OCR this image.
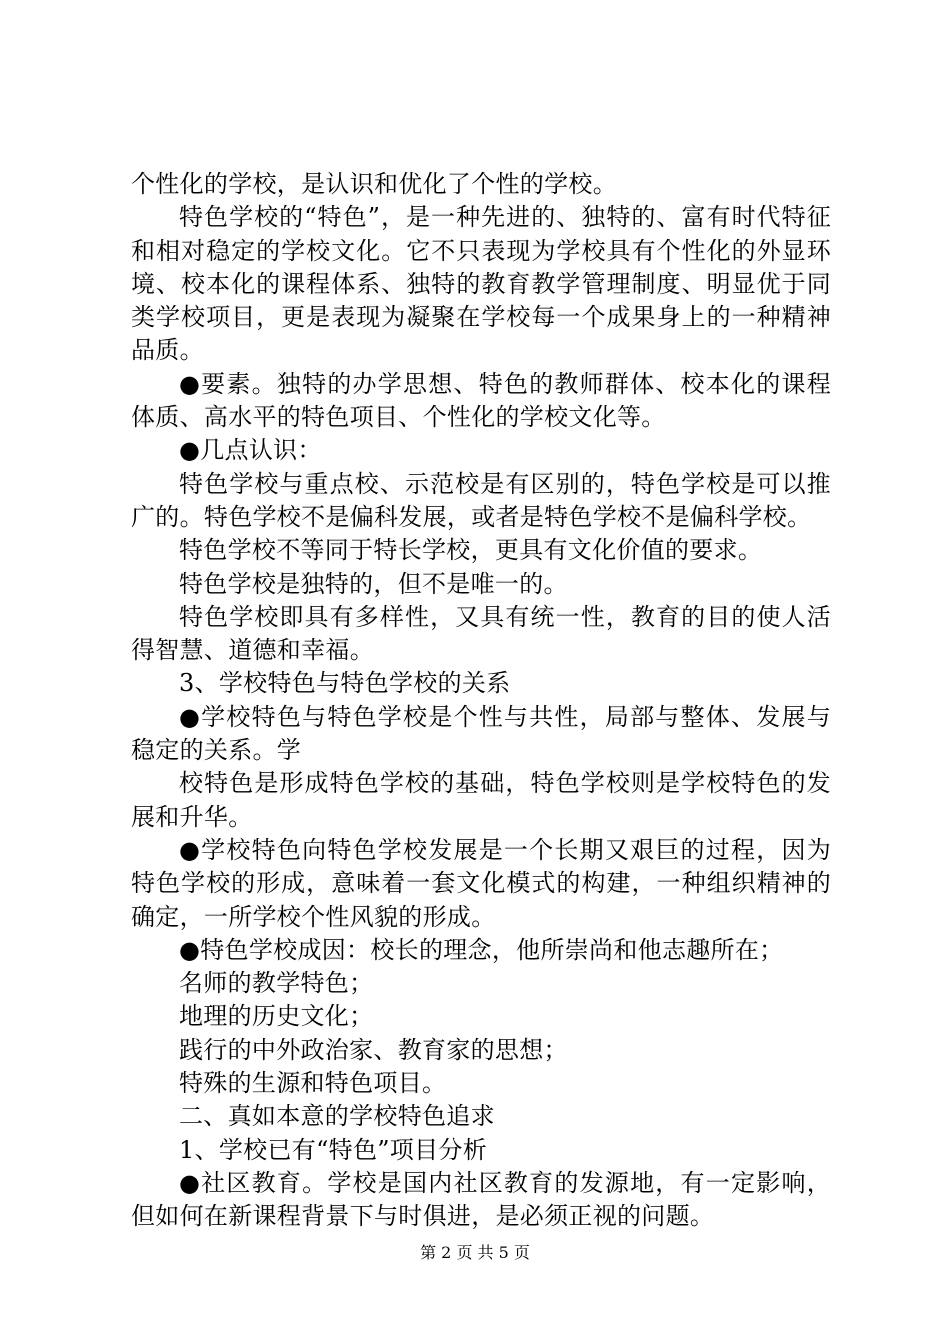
个性化的学校，是认识和优化了个性的学校。

特色学校的“特色”，是一种先进的、独特的、富有时代特征和相对稳定的学校文化。它不只表现为学校具有个性化的外显环境、校本化的课程体系、独特的教育教学管理制度、明显优于同类学校项目，更是表现为凝聚在学校每一个成果身上的一种精神品质。

●要素。独特的办学思想、特色的教师群体、校本化的课程体质、高水平的特色项目、个性化的学校文化等。

●几点认识：

特色学校与重点校、示范校是有区别的，特色学校是可以推广的。特色学校不是偏科发展，或者是特色学校不是偏科学校。

特色学校不等同于特长学校，更具有文化价值的要求。

特色学校是独特的，但不是唯一的。

特色学校即具有多样性，又具有统一性，教育的目的使人活得智慧、道德和幸福。

3、学校特色与特色学校的关系

●学校特色与特色学校是个性与共性，局部与整体、发展与稳定的关系。学

校特色是形成特色学校的基础，特色学校则是学校特色的发展和升华。

●学校特色向特色学校发展是一个长期又艰巨的过程，因为特色学校的形成，意味着一套文化模式的构建，一种组织精神的确定，一所学校个性风貌的形成。

●特色学校成因：校长的理念，他所崇尚和他志趣所在；

名师的教学特色；

地理的历史文化；

践行的中外政治家、教育家的思想；

特殊的生源和特色项目。

二、真如本意的学校特色追求

1、学校已有“特色”项目分析

●社区教育。学校是国内社区教育的发源地，有一定影响，但如何在新课程背景下与时俱进，是必须正视的问题。

第 2 页 共 5 页
